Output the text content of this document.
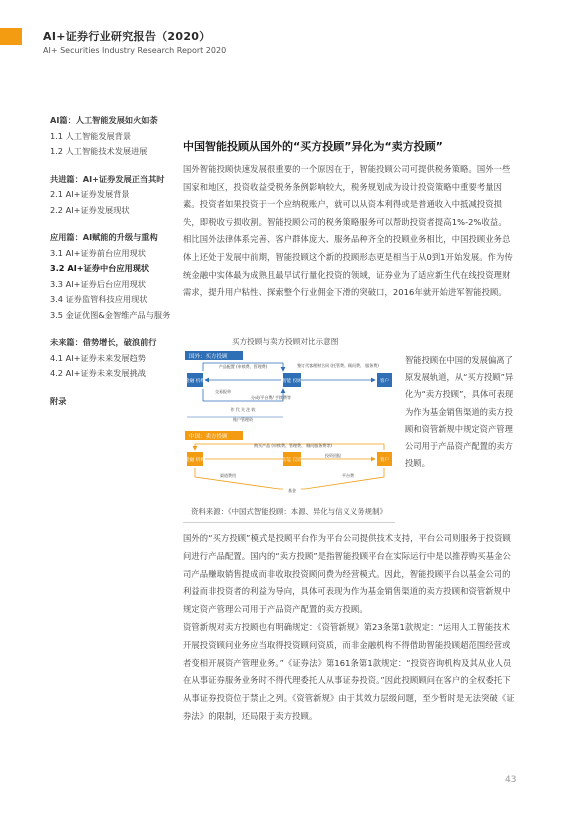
AI+证券行业研究报告（2020）
AI+ Securities Industry Research Report 2020
AI篇：人工智能发展如火如荼
1.1 人工智能发展背景
1.2 人工智能技术发展进展
共进篇：AI+证券发展正当其时
2.1 AI+证券发展背景
2.2 AI+证券发展现状
应用篇：AI赋能的升级与重构
3.1 AI+证券前台应用现状
3.2 AI+证券中台应用现状
3.3 AI+证券后台应用现状
3.4 证券监管科技应用现状
3.5 金证优图&金智维产品与服务
未来篇：借势增长，破浪前行
4.1 AI+证券未来发展趋势
4.2 AI+证券未来发展挑战
附录
中国智能投顾从国外的“买方投顾”异化为“卖方投顾”

国外智能投顾快速发展很重要的一个原因在于，智能投顾公司可提供税务策略。国外一些国家和地区，投资收益受税务条例影响较大，税务规划成为设计投资策略中重要考量因素。投资者如果投资于一个应纳税账户，就可以从资本利得或是普通收入中抵减投资损失，即税收亏损收割。智能投顾公司的税务策略服务可以帮助投资者提高1%-2%收益。

相比国外法律体系完善、客户群体庞大、服务品种齐全的投顾业务相比，中国投顾业务总体上还处于发展中前期，智能投顾这个新的投顾形态更是相当于从0到1开始发展。作为传统金融中实体最为成熟且最早试行量化投资的领域，证券业为了适应新生代在线投资理财需求，提升用户粘性、探索整个行业佣金下滑的突破口，2016年就开始进军智能投顾。

买方投顾与卖方投顾对比示意图
国外：买方投顾
金融 机构	智能 投顾	客户
产品配置 (申赎费、管理费)	签订代客理财合同 (托管费、顾问费、 服务费)
交易报单
分成/平台费/ 手续费等
作 代 关 注 收
账户管理资
中国：卖方投顾
金融 机构	智能 投顾	客户
购买产品 (申赎费、管理费、 顾问服务费等)
投资回报
渠道费用	平台费
基金

智能投顾在中国的发展偏离了原发展轨道，从“买方投顾”异化为“卖方投顾”，具体可表现为作为基金销售渠道的卖方投顾和资管新规中规定资产管理公司用于产品资产配置的卖方投顾。

资料来源：《中国式智能投顾：本源、异化与信义义务规制》

国外的“买方投顾”模式是投顾平台作为平台公司提供技术支持，平台公司则服务于投资顾问进行产品配置。国内的“卖方投顾”是指智能投顾平台在实际运行中是以推荐购买基金公司产品赚取销售提成而非收取投资顾问费为经营模式。因此，智能投顾平台以基金公司的利益而非投资者的利益为导向，具体可表现为作为基金销售渠道的卖方投顾和资管新规中规定资产管理公司用于产品资产配置的卖方投顾。

资管新规对卖方投顾也有明确规定：《资管新规》第23条第1款规定：“运用人工智能技术开展投资顾问业务应当取得投资顾问资质，而非金融机构不得借助智能投顾超范围经营或者变相开展资产管理业务。”《证券法》第161条第1款规定：“投资咨询机构及其从业人员在从事证券服务业务时不得代理委托人从事证券投资。”因此投顾顾问在客户的全权委托下从事证券投资位于禁止之列。《资管新规》由于其效力层级问题，至少暂时是无法突破《证券法》的限制，还局限于卖方投顾。

43
